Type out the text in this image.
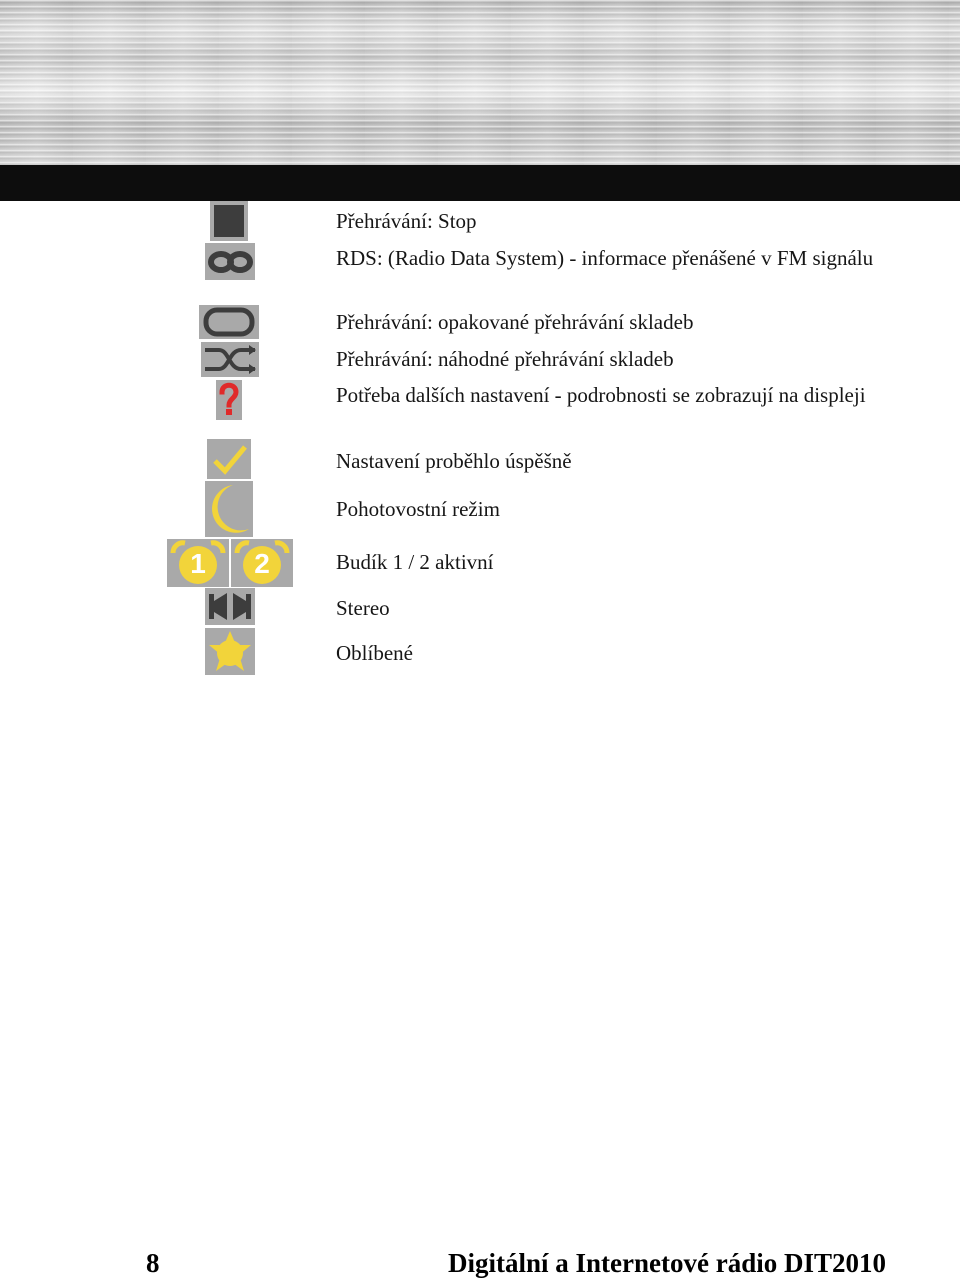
Přehrávání: Stop
RDS: (Radio Data System) - informace přenášené v FM signálu
Přehrávání: opakované přehrávání skladeb
Přehrávání: náhodné přehrávání skladeb
Potřeba dalších nastavení - podrobnosti se zobrazují na displeji
Nastavení proběhlo úspěšně
Pohotovostní režim
1	2	Budík 1 / 2 aktivní
Stereo
Oblíbené
8	Digitální a Internetové rádio DIT2010
